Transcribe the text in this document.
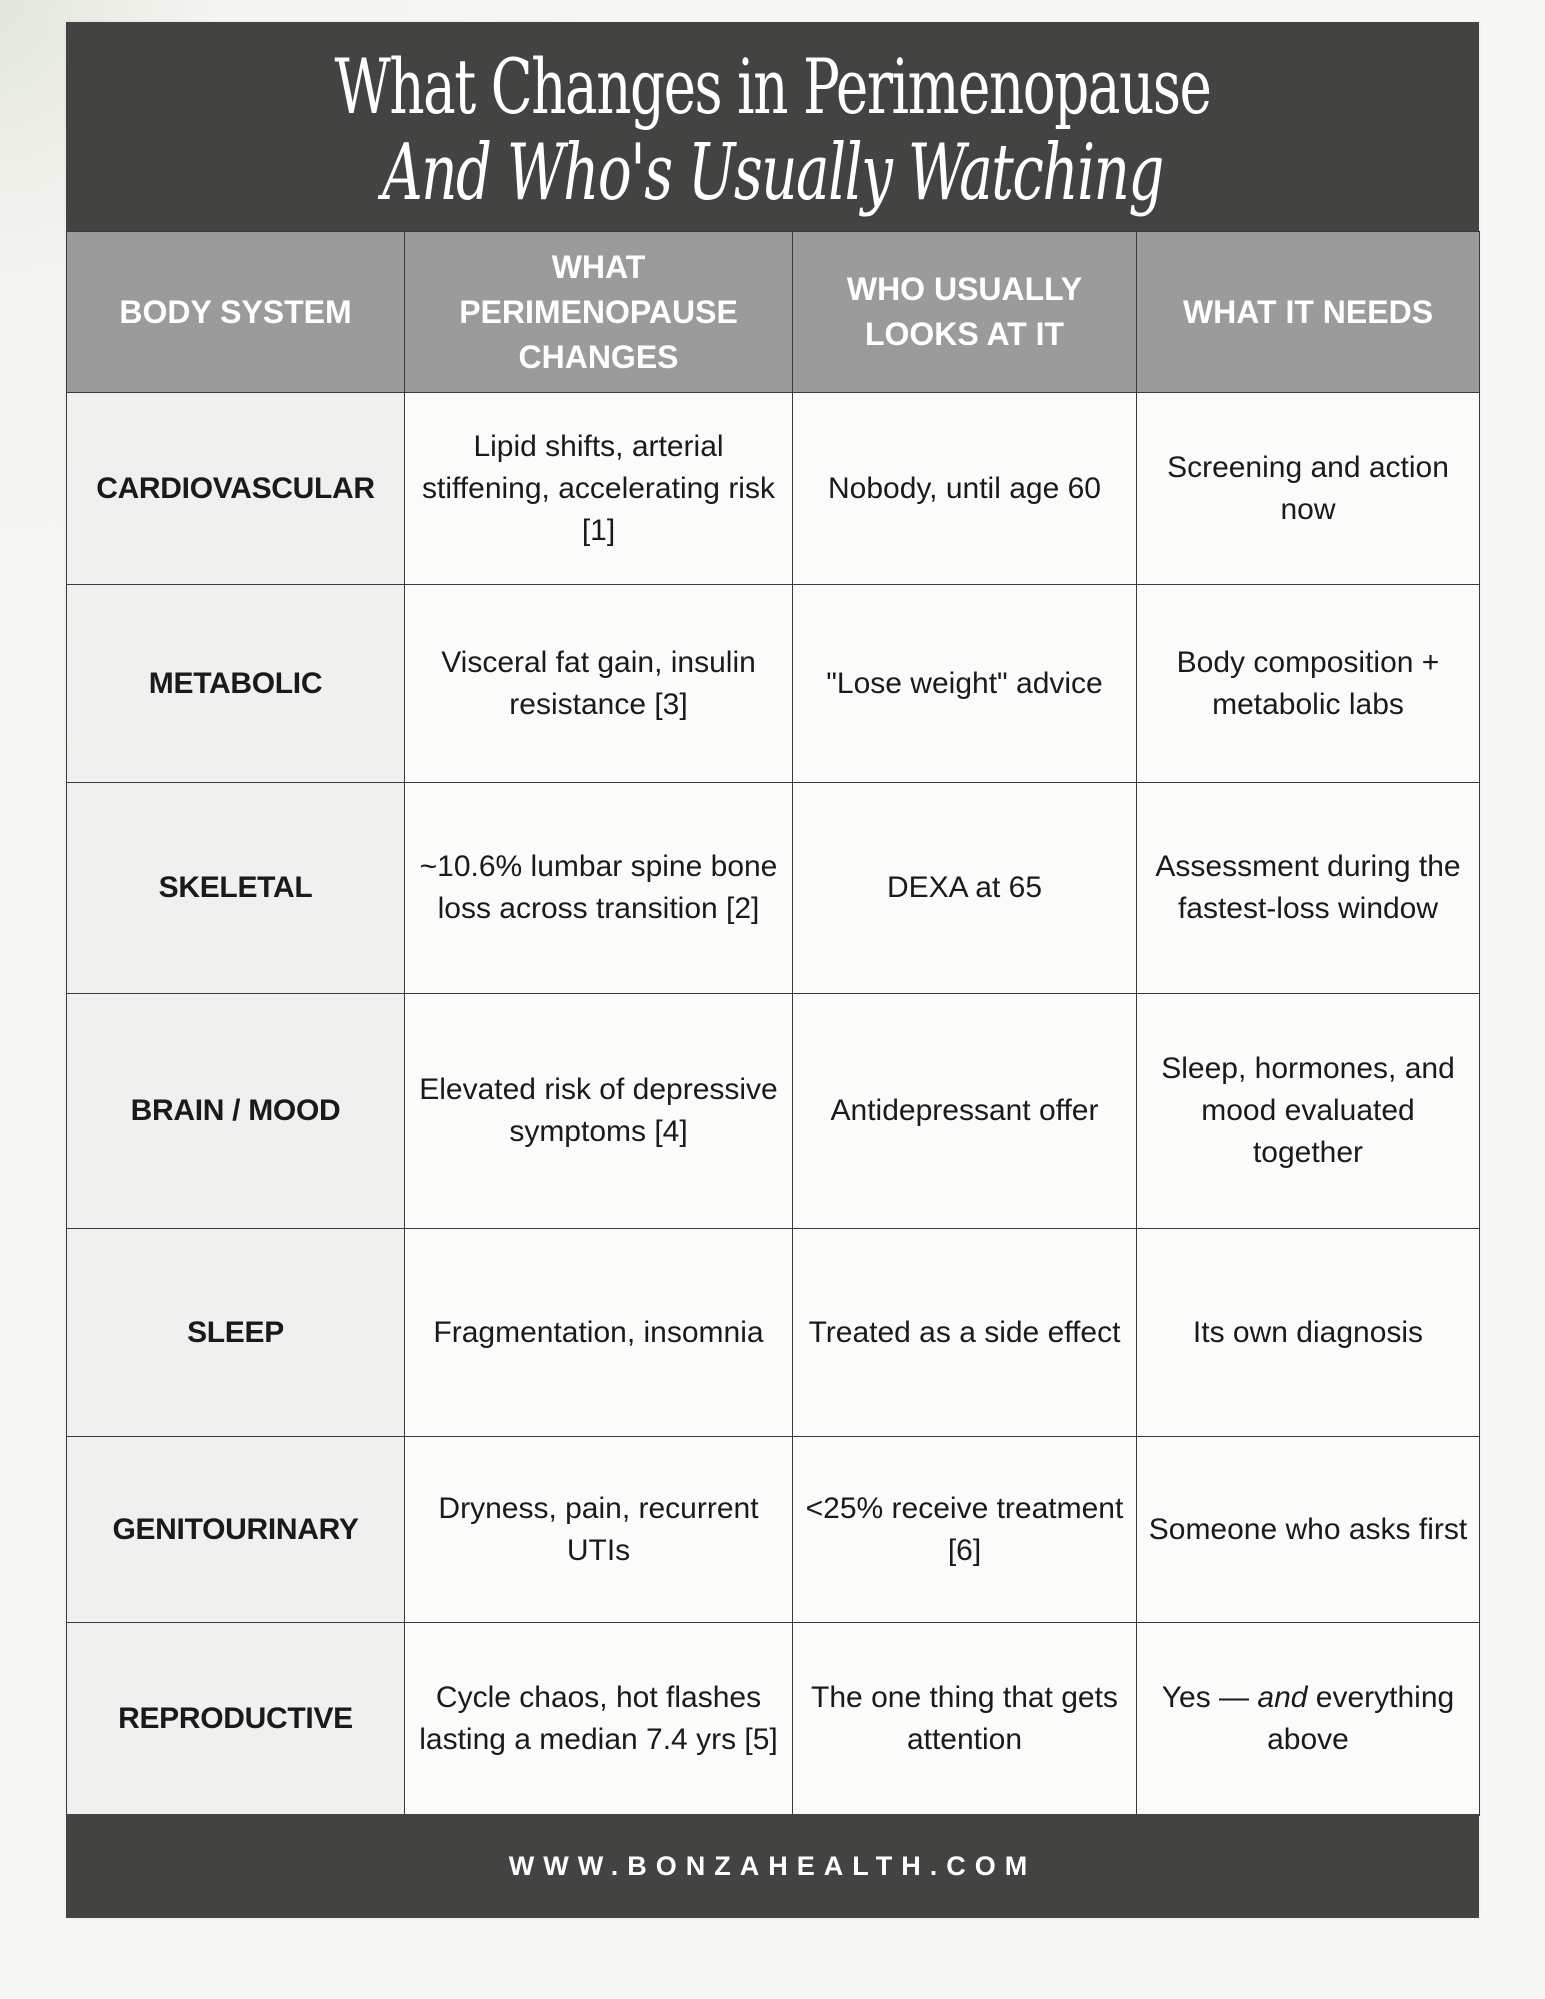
What Changes in Perimenopause
And Who's Usually Watching
BODY SYSTEM	WHAT PERIMENOPAUSE CHANGES	WHO USUALLY LOOKS AT IT	WHAT IT NEEDS
CARDIOVASCULAR	Lipid shifts, arterial stiffening, accelerating risk [1]	Nobody, until age 60	Screening and action now
METABOLIC	Visceral fat gain, insulin resistance [3]	"Lose weight" advice	Body composition + metabolic labs
SKELETAL	~10.6% lumbar spine bone loss across transition [2]	DEXA at 65	Assessment during the fastest-loss window
BRAIN / MOOD	Elevated risk of depressive symptoms [4]	Antidepressant offer	Sleep, hormones, and mood evaluated together
SLEEP	Fragmentation, insomnia	Treated as a side effect	Its own diagnosis
GENITOURINARY	Dryness, pain, recurrent UTIs	<25% receive treatment [6]	Someone who asks first
REPRODUCTIVE	Cycle chaos, hot flashes lasting a median 7.4 yrs [5]	The one thing that gets attention	Yes — and everything above
WWW.BONZAHEALTH.COM
